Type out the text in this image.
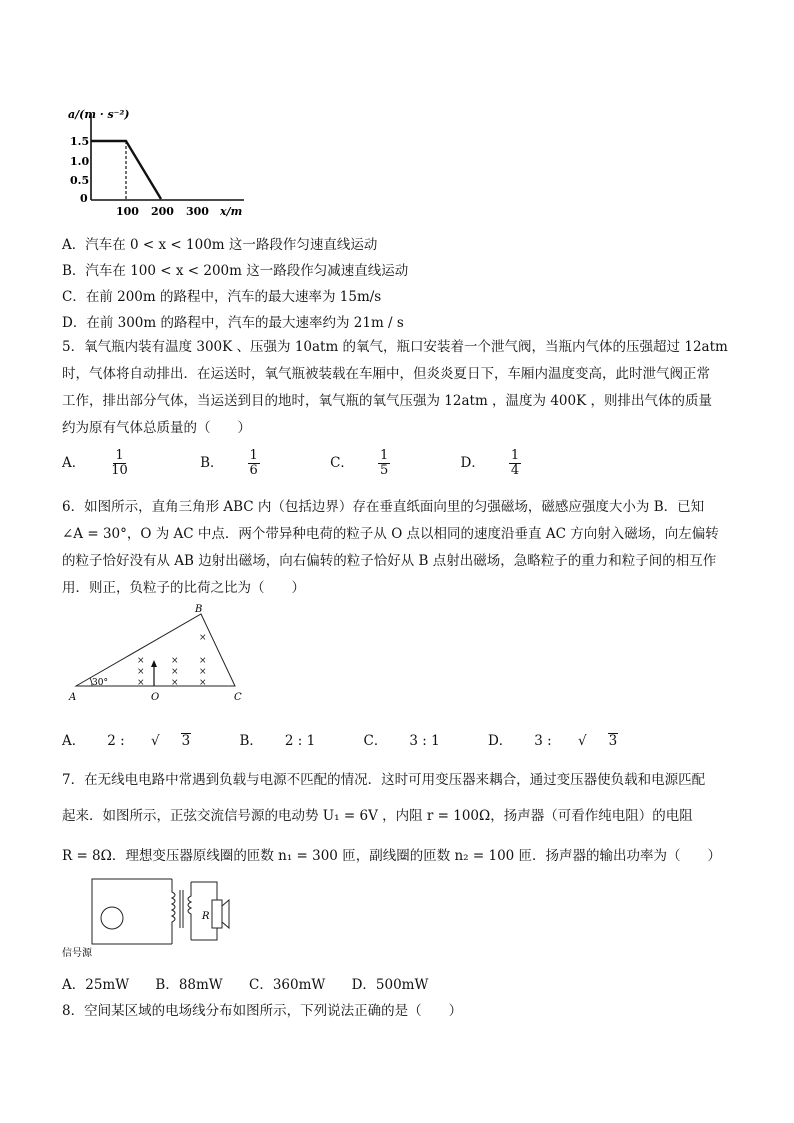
a/(m · s⁻²)
1.5
1.0
0.5
0
100 200 300 x/m
A．汽车在 0 < x < 100m 这一路段作匀速直线运动
B．汽车在 100 < x < 200m 这一路段作匀减速直线运动
C．在前 200m 的路程中，汽车的最大速率为 15m/s
D．在前 300m 的路程中，汽车的最大速率约为 21m / s
5．氧气瓶内装有温度 300K 、压强为 10atm 的氧气，瓶口安装着一个泄气阀，当瓶内气体的压强超过 12atm
时，气体将自动排出．在运送时，氧气瓶被装载在车厢中，但炎炎夏日下，车厢内温度变高，此时泄气阀正常
工作，排出部分气体，当运送到目的地时，氧气瓶的氧气压强为 12atm ，温度为 400K ，则排出气体的质量
约为原有气体总质量的（　　）
A． $\frac{1}{10}$	B． $\frac{1}{6}$	C． $\frac{1}{5}$	D． $\frac{1}{4}$
6．如图所示，直角三角形 ABC 内（包括边界）存在垂直纸面向里的匀强磁场，磁感应强度大小为 B．已知
∠A = 30°，O 为 AC 中点．两个带异种电荷的粒子从 O 点以相同的速度沿垂直 AC 方向射入磁场，向左偏转
的粒子恰好没有从 AB 边射出磁场，向右偏转的粒子恰好从 B 点射出磁场，急略粒子的重力和粒子间的相互作
用．则正，负粒子的比荷之比为（　　）
30°
A
B
C
O
×
×	× ×
×	× ×
×	× ×
A． 2 : √ 3	B． 2 : 1	C． 3 : 1	D． 3 : √ 3
7．在无线电电路中常遇到负载与电源不匹配的情况．这时可用变压器来耦合，通过变压器使负载和电源匹配
起来．如图所示，正弦交流信号源的电动势 U₁ = 6V ，内阻 r = 100Ω，扬声器（可看作纯电阻）的电阻
R = 8Ω．理想变压器原线圈的匝数 n₁ = 300 匝，副线圈的匝数 n₂ = 100 匝．扬声器的输出功率为（　　）
信号源
R
A．25mW B．88mW C．360mW D．500mW
8．空间某区域的电场线分布如图所示，下列说法正确的是（　　）
